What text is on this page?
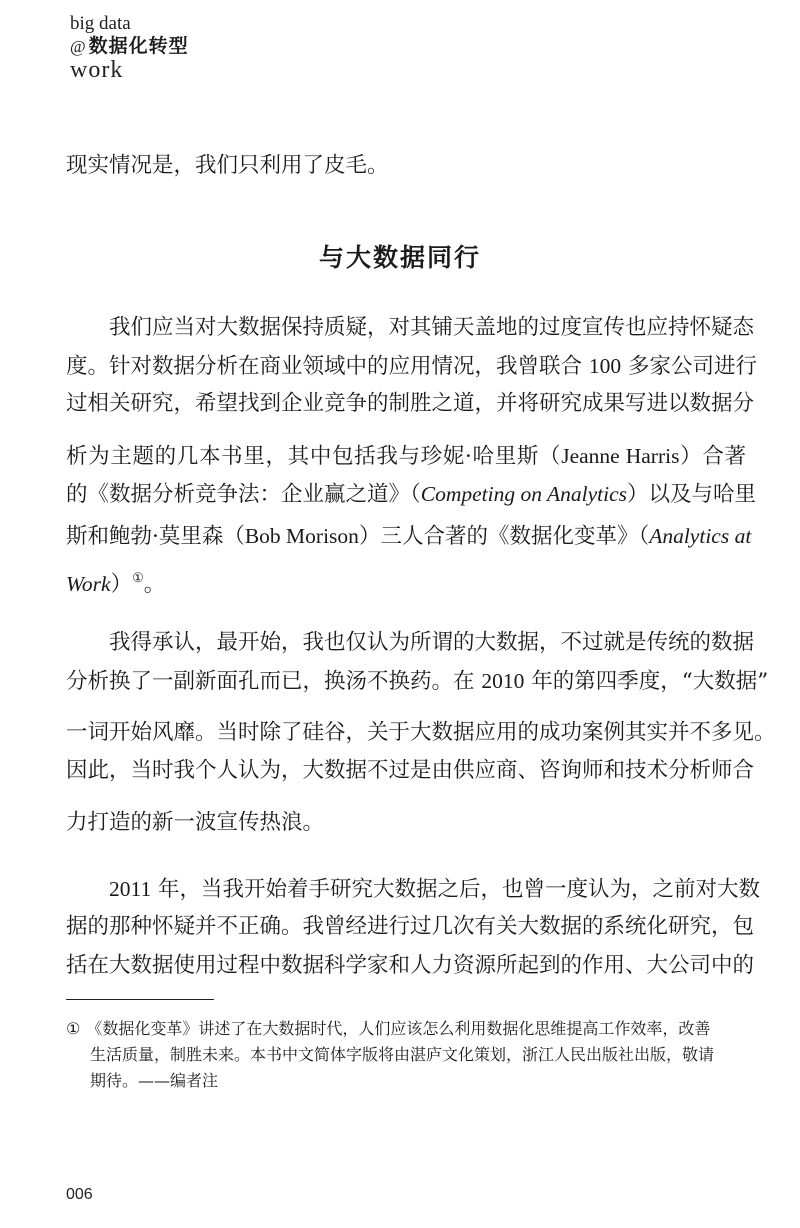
big data
@ 数据化转型
work
现实情况是，我们只利用了皮毛。
与大数据同行
我们应当对大数据保持质疑，对其铺天盖地的过度宣传也应持怀疑态
度。针对数据分析在商业领域中的应用情况，我曾联合 100 多家公司进行
过相关研究，希望找到企业竞争的制胜之道，并将研究成果写进以数据分
析为主题的几本书里，其中包括我与珍妮·哈里斯（Jeanne Harris）合著
的《数据分析竞争法：企业赢之道》（Competing on Analytics）以及与哈里
斯和鲍勃·莫里森（Bob Morison）三人合著的《数据化变革》（Analytics at
Work）①。
我得承认，最开始，我也仅认为所谓的大数据，不过就是传统的数据
分析换了一副新面孔而已，换汤不换药。在 2010 年的第四季度，“大数据”
一词开始风靡。当时除了硅谷，关于大数据应用的成功案例其实并不多见。
因此，当时我个人认为，大数据不过是由供应商、咨询师和技术分析师合
力打造的新一波宣传热浪。
2011 年，当我开始着手研究大数据之后，也曾一度认为，之前对大数
据的那种怀疑并不正确。我曾经进行过几次有关大数据的系统化研究，包
括在大数据使用过程中数据科学家和人力资源所起到的作用、大公司中的
① 《数据化变革》讲述了在大数据时代，人们应该怎么利用数据化思维提高工作效率，改善
生活质量，制胜未来。本书中文简体字版将由湛庐文化策划，浙江人民出版社出版，敬请
期待。——编者注
006
